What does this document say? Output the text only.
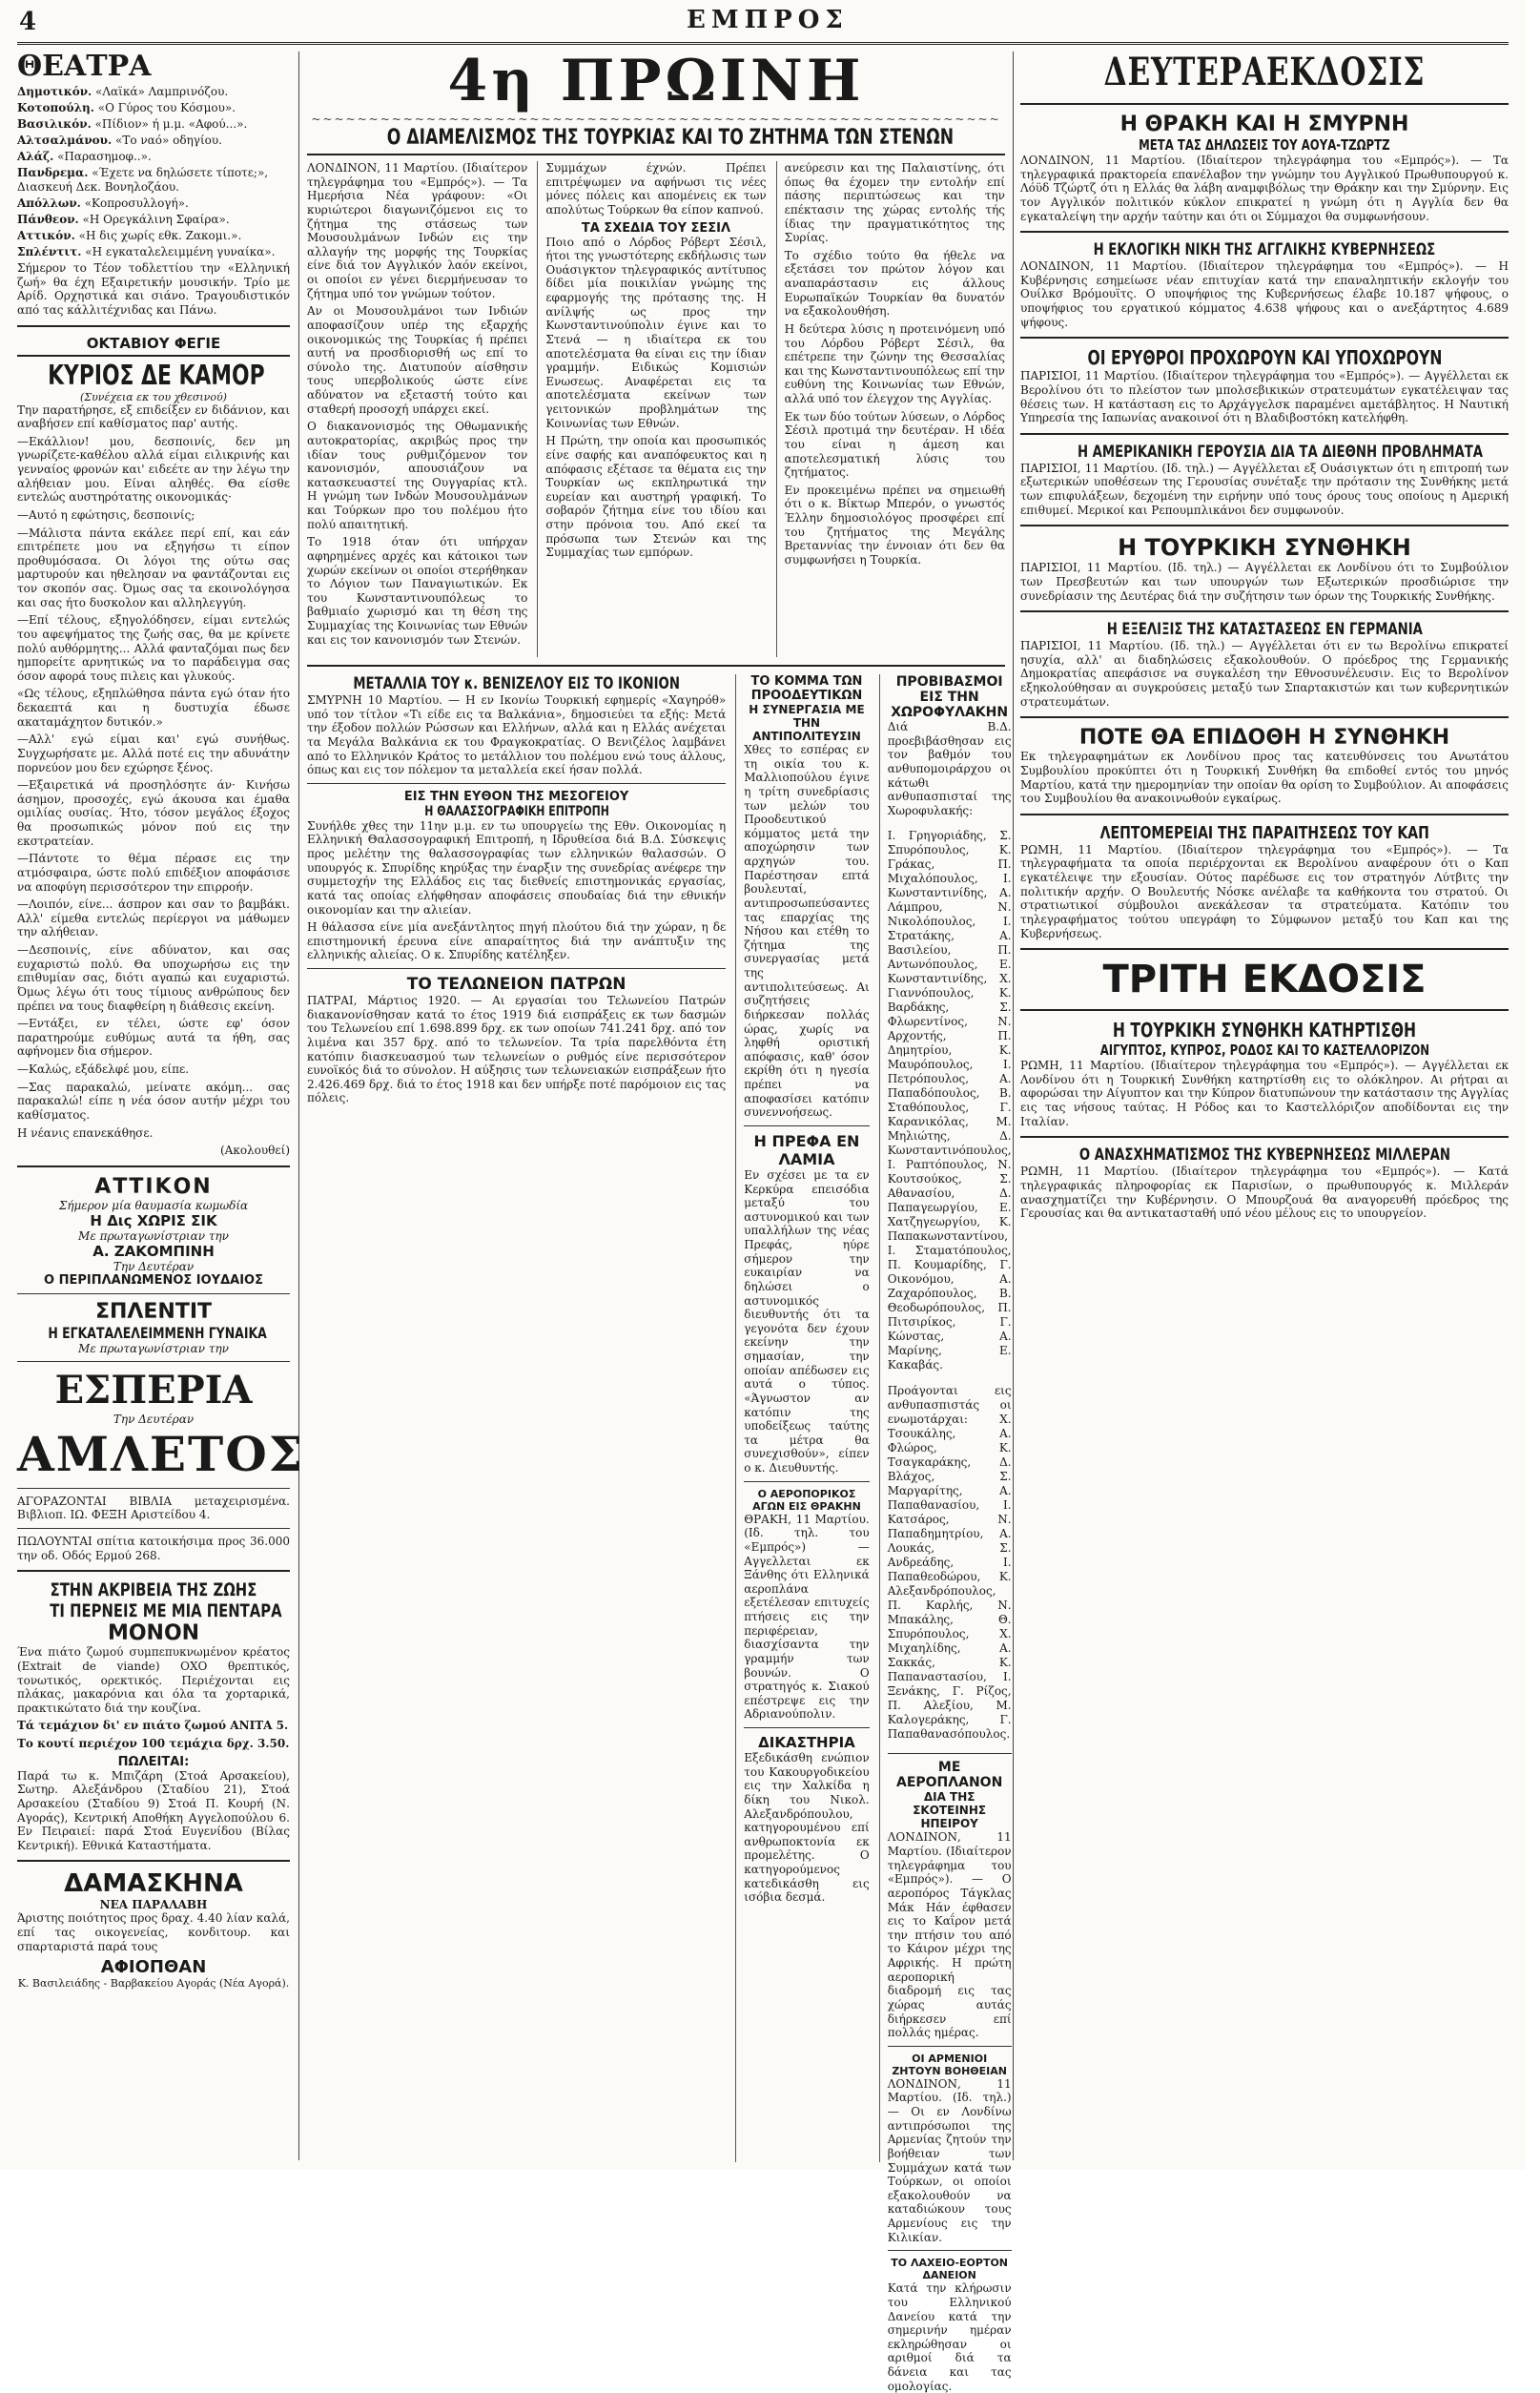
4	ΕΜΠΡΟΣ
ΘΕΑΤΡΑ
Δημοτικόν. «Λαϊκά» Λαμπρινόζου.
Κοτοπούλη. «Ο Γύρος του Κόσμου».
Βασιλικόν. «Πίδιον» ή μ.μ. «Αφού...».
Αλτσαλμάνου. «Το ναό» οδηγίου.
Αλάζ. «Παρασημοφ..».
Πανδρεμα. «Έχετε να δηλώσετε τίποτε;», Διασκευή Δεκ. Βονηλοζάου.
Απόλλων. «Κοπροσυλλογή».
Πάνθεον. «Η Ορεγκάλινη Σφαίρα».
Αττικόν. «Η δις χωρίς εθκ. Ζακομι.».
Σπλέντιτ. «Η εγκαταλελειμμένη γυναίκα».

Σήμερον το Τέον τοδλεττίου την «Ελληνική ζωή» θα έχη Εξαιρετικήν μουσικήν. Τρίο με Αρίδ. Ορχηστικά και σιάνο. Τραγουδιστικόν από τας κάλλιτέχνιδας και Πάνω.

ΟΚΤΑΒΙΟΥ ΦΕΓΙΕ
ΚΥΡΙΟΣ ΔΕ ΚΑΜΟΡ
(Συνέχεια εκ του χθεσινού)

Την παρατήρησε, εξ επιδείξεν εν διδάνιον, και αναβήσεν επί καθίσματος παρ' αυτής.

—Εκάλλιον! μου, δεσποινίς, δεν μη γνωρίζετε-καθέλου αλλά είμαι ειλικρινής και γενναίος φρονών και' ειδεέτε αν την λέγω την αλήθειαν μου. Είναι αληθές. Θα είσθε εντελώς αυστηρότατης οικονομικάς·

—Αυτό η εφώτησις, δεσποινίς;

—Μάλιστα πάντα εκάλεε περί επί, και εάν επιτρέπετε μου να εξηγήσω τι είπον προθυμόσασα. Οι λόγοι της ούτω σας μαρτυρούν και ηθελησαν να φαντάζονται εις τον σκοπόν σας. Όμως σας τα εκοινολόγησα και σας ήτο δυσκολον και αλληλεγγύη.

—Επί τέλους, εξηγολόδησεν, είμαι εντελώς του αφεψήματος της ζωής σας, θα με κρίνετε πολύ αυθόρμητης... Αλλά φανταζόμαι πως δεν ημπορείτε αρνητικώς να το παράδειγμα σας όσον αφορά τους πιλεις και γλυκούς.

«Ως τέλους, εξηπλώθησα πάντα εγώ όταν ήτο δεκαεπτά και η δυστυχία έδωσε ακαταμάχητον δυτικόν.»

—Αλλ' εγώ είμαι και' εγώ συνήθως. Συγχωρήσατε με. Αλλά ποτέ εις την αδυνάτην πορνεύον μου δεν εχώρησε ξένος.

—Εξαιρετικά νά προσηλόσητε άν· Κινήσω άσημον, προσοχές, εγώ άκουσα και έμαθα ομιλίας ουσίας. Ήτο, τόσον μεγάλος έξοχος θα προσωπικώς μόνον πού εις την εκστρατείαν.

—Πάντοτε το θέμα πέρασε εις την ατμόσφαιρα, ώστε πολύ επιδέξιον αποφάσισε να αποφύγη περισσότερον την επιρροήν.

—Λοιπόν, είνε... άσπρον και σαν το βαμβάκι. Αλλ' είμεθα εντελώς περίεργοι να μάθωμεν την αλήθειαν.

—Δεσποινίς, είνε αδύνατον, και σας ευχαριστώ πολύ. Θα υποχωρήσω εις την επιθυμίαν σας, διότι αγαπώ και ευχαριστώ. Όμως λέγω ότι τους τίμιους ανθρώπους δεν πρέπει να τους διαφθείρη η διάθεσις εκείνη.

—Εντάξει, εν τέλει, ώστε εφ' όσον παρατηρούμε ευθύμως αυτά τα ήθη, σας αφήνομεν δια σήμερον.

—Καλώς, εξάδελφέ μου, είπε.

—Σας παρακαλώ, μείνατε ακόμη... σας παρακαλώ! είπε η νέα όσον αυτήν μέχρι του καθίσματος.

Η νέανις επανεκάθησε.

(Ακολουθεί)

ΑΤΤΙΚΟΝ
Σήμερον μία θαυμασία κωμωδία
Η Δις ΧΩΡΙΣ ΣΙΚ
Με πρωταγωνίστριαν την
Α. ΖΑΚΟΜΠΙΝΗ
Την Δευτέραν
Ο ΠΕΡΙΠΛΑΝΩΜΕΝΟΣ ΙΟΥΔΑΙΟΣ
ΣΠΛΕΝΤΙΤ
Η ΕΓΚΑΤΑΛΕΛΕΙΜΜΕΝΗ ΓΥΝΑΙΚΑ
Με πρωταγωνίστριαν την
ΕΣΠΕΡΙΑ
Την Δευτέραν
ΑΜΛΕΤΟΣ

ΑΓΟΡΑΖΟΝΤΑΙ ΒΙΒΛΙΑ μεταχειρισμένα. Βιβλιοπ. ΙΩ. ΦΕΞΗ Αριστείδου 4.

ΠΩΛΟΥΝΤΑΙ σπίτια κατοικήσιμα προς 36.000 την οδ. Οδός Ερμού 268.

ΣΤΗΝ ΑΚΡΙΒΕΙΑ ΤΗΣ ΖΩΗΣ
ΤΙ ΠΕΡΝΕΙΣ ΜΕ ΜΙΑ ΠΕΝΤΑΡΑ
ΜΟΝΟΝ

Ένα πιάτο ζωμού συμπεπυκνωμένον κρέατος (Extrait de viande) ΟΧΟ θρεπτικός, τονωτικός, ορεκτικός. Περιέχονται εις πλάκας, μακαρόνια και όλα τα χορταρικά, πρακτικώτατο διά την κουζίνα.

Τά τεμάχιον δι' εν πιάτο ζωμού ΑΝΙΤΑ 5.

Το κουτί περιέχον 100 τεμάχια δρχ. 3.50.

ΠΩΛΕΙΤΑΙ:

Παρά τω κ. Μπιζάρη (Στοά Αρσακείου), Σωτηρ. Αλεξάνδρου (Σταδίου 21), Στοά Αρσακείου (Σταδίου 9) Στοά Π. Κουρή (Ν. Αγοράς), Κεντρική Αποθήκη Αγγελοπούλου 6. Εν Πειραιεί: παρά Στοά Ευγενίδου (Βίλας Κεντρική). Εθνικά Καταστήματα.

ΔΑΜΑΣΚΗΝΑ
ΝΕΑ ΠΑΡΑΛΑΒΗ

Άριστης ποιότητος προς δραχ. 4.40 λίαν καλά, επί τας οικογενείας, κονδιτουρ. και σπαρταριστά παρά τους

ΑΦΙΟΠΘΑΝ
Κ. Βασιλειάδης - Βαρβακείου Αγοράς (Νέα Αγορά).
4η ΠΡΩΙΝΗ
~~~~~~~~~~~~~~~~~~~~~~~~~~~~~~~~~~~~~~~~~~~~~~~~~~~~~~~~~~~~
Ο ΔΙΑΜΕΛΙΣΜΟΣ ΤΗΣ ΤΟΥΡΚΙΑΣ ΚΑΙ ΤΟ ΖΗΤΗΜΑ ΤΩΝ ΣΤΕΝΩΝ

ΛΟΝΔΙΝΟΝ, 11 Μαρτίου. (Ιδιαίτερον τηλεγράφημα του «Εμπρός»). — Τα Ημερήσια Νέα γράφουν: «Οι κυριώτεροι διαγωνιζόμενοι εις το ζήτημα της στάσεως των Μουσουλμάνων Ινδών εις την αλλαγήν της μορφής της Τουρκίας είνε διά τον Αγγλικόν λαόν εκείνοι, οι οποίοι εν γένει διερμήνευσαν το ζήτημα υπό τον γνώμων τούτον.

Αν οι Μουσουλμάνοι των Ινδιών αποφασίζουν υπέρ της εξαρχής οικονομικώς της Τουρκίας ή πρέπει αυτή να προσδιορισθή ως επί το σύνολο της. Διατυπούν αίσθησιν τους υπερβολικούς ώστε είνε αδύνατον να εξεταστή τούτο και σταθερή προσοχή υπάρχει εκεί.

Ο διακανονισμός της Οθωμανικής αυτοκρατορίας, ακριβώς προς την ιδίαν τους ρυθμιζόμενον τον κανονισμόν, απουσιάζουν να κατασκευαστεί της Ουγγαρίας κτλ. Η γνώμη των Ινδών Μουσουλμάνων και Τούρκων προ του πολέμου ήτο πολύ απαιτητική.

Το 1918 όταν ότι υπήρχαν αφηρημένες αρχές και κάτοικοι των χωρών εκείνων οι οποίοι στερήθηκαν το Λόγιον των Παναγιωτικών. Εκ του Κωνσταντινουπόλεως το βαθμιαίο χωρισμό και τη θέση της Συμμαχίας της Κοινωνίας των Εθνών και εις τον κανονισμόν των Στενών.

Συμμάχων έχνών. Πρέπει επιτρέψωμεν να αφήνωσι τις νέες μόνες πόλεις και απομένεις εκ των απολύτως Τούρκων θα είπον καπνού.

ΤΑ ΣΧΕΔΙΑ ΤΟΥ ΣΕΣΙΛ

Ποιο από ο Λόρδος Ρόβερτ Σέσιλ, ήτοι της γνωστότερης εκδήλωσις των Ουάσιγκτον τηλεγραφικός αντίτυπος δίδει μία ποικιλίαν γνώμης της εφαρμογής της πρότασης της. Η ανίλψής ως προς την Κωνσταντινούπολιν έγινε και το Στενά — η ιδιαίτερα εκ του αποτελέσματα θα είναι εις την ίδιαν γραμμήν. Ειδικώς Κομισιών Ενωσεως. Αναφέρεται εις τα αποτελέσματα εκείνων των γειτονικών προβλημάτων της Κοινωνίας των Εθνών.

Η Πρώτη, την οποία και προσωπικός είνε σαφής και αναπόφευκτος και η απόφασις εξέτασε τα θέματα εις την Τουρκίαν ως εκπληρωτικά την ευρείαν και αυστηρή γραφική. Το σοβαρόν ζήτημα είνε του ιδίου και στην πρόνοια του. Από εκεί τα πρόσωπα των Στενών και της Συμμαχίας των εμπόρων.

ανεύρεσιν και της Παλαιστίνης, ότι όπως θα έχομεν την εντολήν επί πάσης περιπτώσεως και την επέκτασιν της χώρας εντολής τής ίδιας την πραγματικότητος της Συρίας.

Το σχέδιο τούτο θα ήθελε να εξετάσει τον πρώτον λόγον και αναπαράστασιν εις άλλους Ευρωπαϊκών Τουρκίαν θα δυνατόν να εξακολουθήση.

Η δεύτερα λύσις η προτεινόμενη υπό του Λόρδου Ρόβερτ Σέσιλ, θα επέτρεπε την ζώνην της Θεσσαλίας και της Κωνσταντινουπόλεως επί την ευθύνη της Κοινωνίας των Εθνών, αλλά υπό τον έλεγχον της Αγγλίας.

Εκ των δύο τούτων λύσεων, ο Λόρδος Σέσιλ προτιμά την δευτέραν. Η ιδέα του είναι η άμεση και αποτελεσματική λύσις του ζητήματος.

Εν προκειμένω πρέπει να σημειωθή ότι ο κ. Βίκτωρ Μπερόν, ο γνωστός Έλλην δημοσιολόγος προσφέρει επί του ζητήματος της Μεγάλης Βρεταννίας την έννοιαν ότι δεν θα συμφωνήσει η Τουρκία.

ΜΕΤΑΛΛΙΑ ΤΟΥ κ. ΒΕΝΙΖΕΛΟΥ ΕΙΣ ΤΟ ΙΚΟΝΙΟΝ

ΣΜΥΡΝΗ 10 Μαρτίου. — Η εν Ικονίω Τουρκική εφημερίς «Χαγηρόθ» υπό τον τίτλον «Τι είδε εις τα Βαλκάνια», δημοσιεύει τα εξής: Μετά την έξοδον πολλών Ρώσσων και Ελλήνων, αλλά και η Ελλάς ανέχεται τα Μεγάλα Βαλκάνια εκ του Φραγκοκρατίας. Ο Βενιζέλος λαμβάνει από το Ελληνικόν Κράτος το μετάλλιον του πολέμου ενώ τους άλλους, όπως και εις τον πόλεμον τα μεταλλεία εκεί ήσαν πολλά.

ΕΙΣ ΤΗΝ ΕΥΘΟΝ ΤΗΣ ΜΕΣΟΓΕΙΟΥ
Η ΘΑΛΑΣΣΟΓΡΑΦΙΚΗ ΕΠΙΤΡΟΠΗ

Συνήλθε χθες την 11ην μ.μ. εν τω υπουργείω της Εθν. Οικονομίας η Ελληνική Θαλασσογραφική Επιτροπή, η Ιδρυθείσα διά Β.Δ. Σύσκεψις προς μελέτην της θαλασσογραφίας των ελληνικών θαλασσών. Ο υπουργός κ. Σπυρίδης κηρύξας την έναρξιν της συνεδρίας ανέφερε την συμμετοχήν της Ελλάδος εις τας διεθνείς επιστημονικάς εργασίας, κατά τας οποίας ελήφθησαν αποφάσεις σπουδαίας διά την εθνικήν οικονομίαν και την αλιείαν.

Η θάλασσα είνε μία ανεξάντλητος πηγή πλούτου διά την χώραν, η δε επιστημονική έρευνα είνε απαραίτητος διά την ανάπτυξιν της ελληνικής αλιείας. Ο κ. Σπυρίδης κατέληξεν.

ΤΟ ΤΕΛΩΝΕΙΟΝ ΠΑΤΡΩΝ

ΠΑΤΡΑΙ, Μάρτιος 1920. — Αι εργασίαι του Τελωνείου Πατρών διακανονίσθησαν κατά το έτος 1919 διά εισπράξεις εκ των δασμών του Τελωνείου επί 1.698.899 δρχ. εκ των οποίων 741.241 δρχ. από τον λιμένα και 357 δρχ. από το τελωνείον. Τα τρία παρελθόντα έτη κατόπιν διασκευασμού των τελωνείων ο ρυθμός είνε περισσότερον ευνοϊκός διά το σύνολον. Η αύξησις των τελωνειακών εισπράξεων ήτο 2.426.469 δρχ. διά το έτος 1918 και δεν υπήρξε ποτέ παρόμοιον εις τας πόλεις.

ΤΟ ΚΟΜΜΑ ΤΩΝ ΠΡΟΟΔΕΥΤΙΚΩΝ
Η ΣΥΝΕΡΓΑΣΙΑ ΜΕ ΤΗΝ ΑΝΤΙΠΟΛΙΤΕΥΣΙΝ

Χθες το εσπέρας εν τη οικία του κ. Μαλλιοπούλου έγινε η τρίτη συνεδρίασις των μελών του Προοδευτικού κόμματος μετά την αποχώρησιν των αρχηγών του. Παρέστησαν επτά βουλευταί, αντιπροσωπεύσαντες τας επαρχίας της Νήσου και ετέθη το ζήτημα της συνεργασίας μετά της αντιπολιτεύσεως. Αι συζητήσεις διήρκεσαν πολλάς ώρας, χωρίς να ληφθή οριστική απόφασις, καθ' όσον εκρίθη ότι η ηγεσία πρέπει να αποφασίσει κατόπιν συνεννοήσεως.

Η ΠΡΕΦΑ ΕΝ ΛΑΜΙΑ

Εν σχέσει με τα εν Κερκύρα επεισόδια μεταξύ του αστυνομικού και των υπαλλήλων της νέας Πρεφάς, ηύρε σήμερον την ευκαιρίαν να δηλώσει ο αστυνομικός διευθυντής ότι τα γεγονότα δεν έχουν εκείνην την σημασίαν, την οποίαν απέδωσεν εις αυτά ο τύπος. «Άγνωστον αν κατόπιν της υποδείξεως ταύτης τα μέτρα θα συνεχισθούν», είπεν ο κ. Διευθυντής.

Ο ΑΕΡΟΠΟΡΙΚΟΣ ΑΓΩΝ ΕΙΣ ΘΡΑΚΗΝ

ΘΡΑΚΗ, 11 Μαρτίου. (Ιδ. τηλ. του «Εμπρός») — Αγγελλεται εκ Ξάνθης ότι Ελληνικά αεροπλάνα εξετέλεσαν επιτυχείς πτήσεις εις την περιφέρειαν, διασχίσαντα την γραμμήν των βουνών. Ο στρατηγός κ. Σιακού επέστρεψε εις την Αδριανούπολιν.

ΔΙΚΑΣΤΗΡΙΑ

Εξεδικάσθη ενώπιον του Κακουργοδικείου εις την Χαλκίδα η δίκη του Νικολ. Αλεξανδρόπουλου, κατηγορουμένου επί ανθρωποκτονία εκ προμελέτης. Ο κατηγορούμενος κατεδικάσθη εις ισόβια δεσμά.

ΠΡΟΒΙΒΑΣΜΟΙ ΕΙΣ ΤΗΝ ΧΩΡΟΦΥΛΑΚΗΝ

Διά Β.Δ. προεβιβάσθησαν εις τον βαθμόν του ανθυπομοιράρχου οι κάτωθι ανθυπασπισταί της Χωροφυλακής:

Ι. Γρηγοριάδης, Σ. Σπυρόπουλος, Κ. Γράκας, Π. Μιχαλόπουλος, Ι. Κωνσταντινίδης, Α. Λάμπρου, Ν. Νικολόπουλος, Ι. Στρατάκης, Α. Βασιλείου, Π. Αντωνόπουλος, Ε. Κωνσταντινίδης, Χ. Γιαννόπουλος, Κ. Βαρδάκης, Σ. Φλωρεντίνος, Ν. Αρχοντής, Π. Δημητρίου, Κ. Μαυρόπουλος, Ι. Πετρόπουλος, Α. Παπαδόπουλος, Β. Σταθόπουλος, Γ. Καρανικόλας, Μ. Μηλιώτης, Δ. Κωνσταντινόπουλος, Ι. Ραπτόπουλος, Ν. Κουτσούκος, Σ. Αθανασίου, Δ. Παπαγεωργίου, Ε. Χατζηγεωργίου, Κ. Παπακωνσταντίνου, Ι. Σταματόπουλος, Π. Κουμαρίδης, Γ. Οικονόμου, Α. Ζαχαρόπουλος, Β. Θεοδωρόπουλος, Π. Πιτσιρίκος, Γ. Κώνστας, Α. Μαρίνης, Ε. Κακαβάς.

Προάγονται εις ανθυπασπιστάς οι ενωμοτάρχαι: Χ. Τσουκάλης, Α. Φλώρος, Κ. Τσαγκαράκης, Δ. Βλάχος, Σ. Μαργαρίτης, Α. Παπαθανασίου, Ι. Κατσάρος, Ν. Παπαδημητρίου, Α. Λουκάς, Σ. Ανδρεάδης, Ι. Παπαθεοδώρου, Κ. Αλεξανδρόπουλος, Π. Καρλής, Ν. Μπακάλης, Θ. Σπυρόπουλος, Χ. Μιχαηλίδης, Α. Σακκάς, Κ. Παπαναστασίου, Ι. Ξενάκης, Γ. Ρίζος, Π. Αλεξίου, Μ. Καλογεράκης, Γ. Παπαθανασόπουλος.

ΜΕ ΑΕΡΟΠΛΑΝΟΝ
ΔΙΑ ΤΗΣ ΣΚΟΤΕΙΝΗΣ ΗΠΕΙΡΟΥ

ΛΟΝΔΙΝΟΝ, 11 Μαρτίου. (Ιδιαίτερον τηλεγράφημα του «Εμπρός»). — Ο αεροπόρος Τάγκλας Μάκ Ηάν έφθασεν εις το Καΐρον μετά την πτήσιν του από το Κάιρον μέχρι της Αφρικής. Η πρώτη αεροπορική διαδρομή εις τας χώρας αυτάς διήρκεσεν επί πολλάς ημέρας.

ΟΙ ΑΡΜΕΝΙΟΙ ΖΗΤΟΥΝ ΒΟΗΘΕΙΑΝ

ΛΟΝΔΙΝΟΝ, 11 Μαρτίου. (Ιδ. τηλ.) — Οι εν Λονδίνω αντιπρόσωποι της Αρμενίας ζητούν την βοήθειαν των Συμμάχων κατά των Τούρκων, οι οποίοι εξακολουθούν να καταδιώκουν τους Αρμενίους εις την Κιλικίαν.

ΤΟ ΛΑΧΕΙΟ-ΕΟΡΤΟΝ ΔΑΝΕΙΟΝ

Κατά την κλήρωσιν του Ελληνικού Δανείου κατά την σημερινήν ημέραν εκληρώθησαν οι αριθμοί διά τα δάνεια και τας ομολογίας.

ΔΕΥΤΕΡΑΕΚΔΟΣΙΣ
Η ΘΡΑΚΗ ΚΑΙ Η ΣΜΥΡΝΗ
ΜΕΤΑ ΤΑΣ ΔΗΛΩΣΕΙΣ ΤΟΥ ΑΟΥΑ-ΤΖΩΡΤΖ

ΛΟΝΔΙΝΟΝ, 11 Μαρτίου. (Ιδιαίτερον τηλεγράφημα του «Εμπρός»). — Τα τηλεγραφικά πρακτορεία επανέλαβον την γνώμην του Αγγλικού Πρωθυπουργού κ. Λόϋδ Τζώρτζ ότι η Ελλάς θα λάβη αναμφιβόλως την Θράκην και την Σμύρνην. Εις τον Αγγλικόν πολιτικόν κύκλον επικρατεί η γνώμη ότι η Αγγλία δεν θα εγκαταλείψη την αρχήν ταύτην και ότι οι Σύμμαχοι θα συμφωνήσουν.

Η ΕΚΛΟΓΙΚΗ ΝΙΚΗ ΤΗΣ ΑΓΓΛΙΚΗΣ ΚΥΒΕΡΝΗΣΕΩΣ

ΛΟΝΔΙΝΟΝ, 11 Μαρτίου. (Ιδιαίτερον τηλεγράφημα του «Εμπρός»). — Η Κυβέρνησις εσημείωσε νέαν επιτυχίαν κατά την επαναληπτικήν εκλογήν του Ουίλκσ Βρόμουϊτς. Ο υποψήφιος της Κυβερνήσεως έλαβε 10.187 ψήφους, ο υποψήφιος του εργατικού κόμματος 4.638 ψήφους και ο ανεξάρτητος 4.689 ψήφους.

ΟΙ ΕΡΥΘΡΟΙ ΠΡΟΧΩΡΟΥΝ ΚΑΙ ΥΠΟΧΩΡΟΥΝ

ΠΑΡΙΣΙΟΙ, 11 Μαρτίου. (Ιδιαίτερον τηλεγράφημα του «Εμπρός»). — Αγγέλλεται εκ Βερολίνου ότι το πλείστον των μπολσεβικικών στρατευμάτων εγκατέλειψαν τας θέσεις των. Η κατάσταση εις το Αρχάγγελσκ παραμένει αμετάβλητος. Η Ναυτική Υπηρεσία της Ιαπωνίας ανακοινοί ότι η Βλαδιβοστόκη κατελήφθη.

Η ΑΜΕΡΙΚΑΝΙΚΗ ΓΕΡΟΥΣΙΑ ΔΙΑ ΤΑ ΔΙΕΘΝΗ ΠΡΟΒΛΗΜΑΤΑ

ΠΑΡΙΣΙΟΙ, 11 Μαρτίου. (Ιδ. τηλ.) — Αγγέλλεται εξ Ουάσιγκτων ότι η επιτροπή των εξωτερικών υποθέσεων της Γερουσίας συνέταξε την πρότασιν της Συνθήκης μετά των επιφυλάξεων, δεχομένη την ειρήνην υπό τους όρους τους οποίους η Αμερική επιθυμεί. Μερικοί και Ρεπουμπλικάνοι δεν συμφωνούν.

Η ΤΟΥΡΚΙΚΗ ΣΥΝΘΗΚΗ

ΠΑΡΙΣΙΟΙ, 11 Μαρτίου. (Ιδ. τηλ.) — Αγγέλλεται εκ Λονδίνου ότι το Συμβούλιον των Πρεσβευτών και των υπουργών των Εξωτερικών προσδιώρισε την συνεδρίασιν της Δευτέρας διά την συζήτησιν των όρων της Τουρκικής Συνθήκης.

Η ΕΞΕΛΙΞΙΣ ΤΗΣ ΚΑΤΑΣΤΑΣΕΩΣ ΕΝ ΓΕΡΜΑΝΙΑ

ΠΑΡΙΣΙΟΙ, 11 Μαρτίου. (Ιδ. τηλ.) — Αγγέλλεται ότι εν τω Βερολίνω επικρατεί ησυχία, αλλ' αι διαδηλώσεις εξακολουθούν. Ο πρόεδρος της Γερμανικής Δημοκρατίας απεφάσισε να συγκαλέση την Εθνοσυνέλευσιν. Εις το Βερολίνον εξηκολούθησαν αι συγκρούσεις μεταξύ των Σπαρτακιστών και των κυβερνητικών στρατευμάτων.

ΠΟΤΕ ΘΑ ΕΠΙΔΟΘΗ Η ΣΥΝΘΗΚΗ

Εκ τηλεγραφημάτων εκ Λονδίνου προς τας κατευθύνσεις του Ανωτάτου Συμβουλίου προκύπτει ότι η Τουρκική Συνθήκη θα επιδοθεί εντός του μηνός Μαρτίου, κατά την ημερομηνίαν την οποίαν θα ορίση το Συμβούλιον. Αι αποφάσεις του Συμβουλίου θα ανακοινωθούν εγκαίρως.

ΛΕΠΤΟΜΕΡΕΙΑΙ ΤΗΣ ΠΑΡΑΙΤΗΣΕΩΣ ΤΟΥ ΚΑΠ

ΡΩΜΗ, 11 Μαρτίου. (Ιδιαίτερον τηλεγράφημα του «Εμπρός»). — Τα τηλεγραφήματα τα οποία περιέρχονται εκ Βερολίνου αναφέρουν ότι ο Καπ εγκατέλειψε την εξουσίαν. Ούτος παρέδωσε εις τον στρατηγόν Λύτβιτς την πολιτικήν αρχήν. Ο Βουλευτής Νόσκε ανέλαβε τα καθήκοντα του στρατού. Οι στρατιωτικοί σύμβουλοι ανεκάλεσαν τα στρατεύματα. Κατόπιν του τηλεγραφήματος τούτου υπεγράφη το Σύμφωνον μεταξύ του Καπ και της Κυβερνήσεως.

ΤΡΙΤΗ ΕΚΔΟΣΙΣ
Η ΤΟΥΡΚΙΚΗ ΣΥΝΘΗΚΗ ΚΑΤΗΡΤΙΣΘΗ
ΑΙΓΥΠΤΟΣ, ΚΥΠΡΟΣ, ΡΟΔΟΣ ΚΑΙ ΤΟ ΚΑΣΤΕΛΛΟΡΙΖΟΝ

ΡΩΜΗ, 11 Μαρτίου. (Ιδιαίτερον τηλεγράφημα του «Εμπρός»). — Αγγέλλεται εκ Λονδίνου ότι η Τουρκική Συνθήκη κατηρτίσθη εις το ολόκληρον. Αι ρήτραι αι αφορώσαι την Αίγυπτον και την Κύπρον διατυπώνουν την κατάστασιν της Αγγλίας εις τας νήσους ταύτας. Η Ρόδος και το Καστελλόριζον αποδίδονται εις την Ιταλίαν.

Ο ΑΝΑΣΧΗΜΑΤΙΣΜΟΣ ΤΗΣ ΚΥΒΕΡΝΗΣΕΩΣ ΜΙΛΛΕΡΑΝ

ΡΩΜΗ, 11 Μαρτίου. (Ιδιαίτερον τηλεγράφημα του «Εμπρός»). — Κατά τηλεγραφικάς πληροφορίας εκ Παρισίων, ο πρωθυπουργός κ. Μιλλεράν ανασχηματίζει την Κυβέρνησιν. Ο Μπουρζουά θα αναγορευθή πρόεδρος της Γερουσίας και θα αντικατασταθή υπό νέου μέλους εις το υπουργείον.
